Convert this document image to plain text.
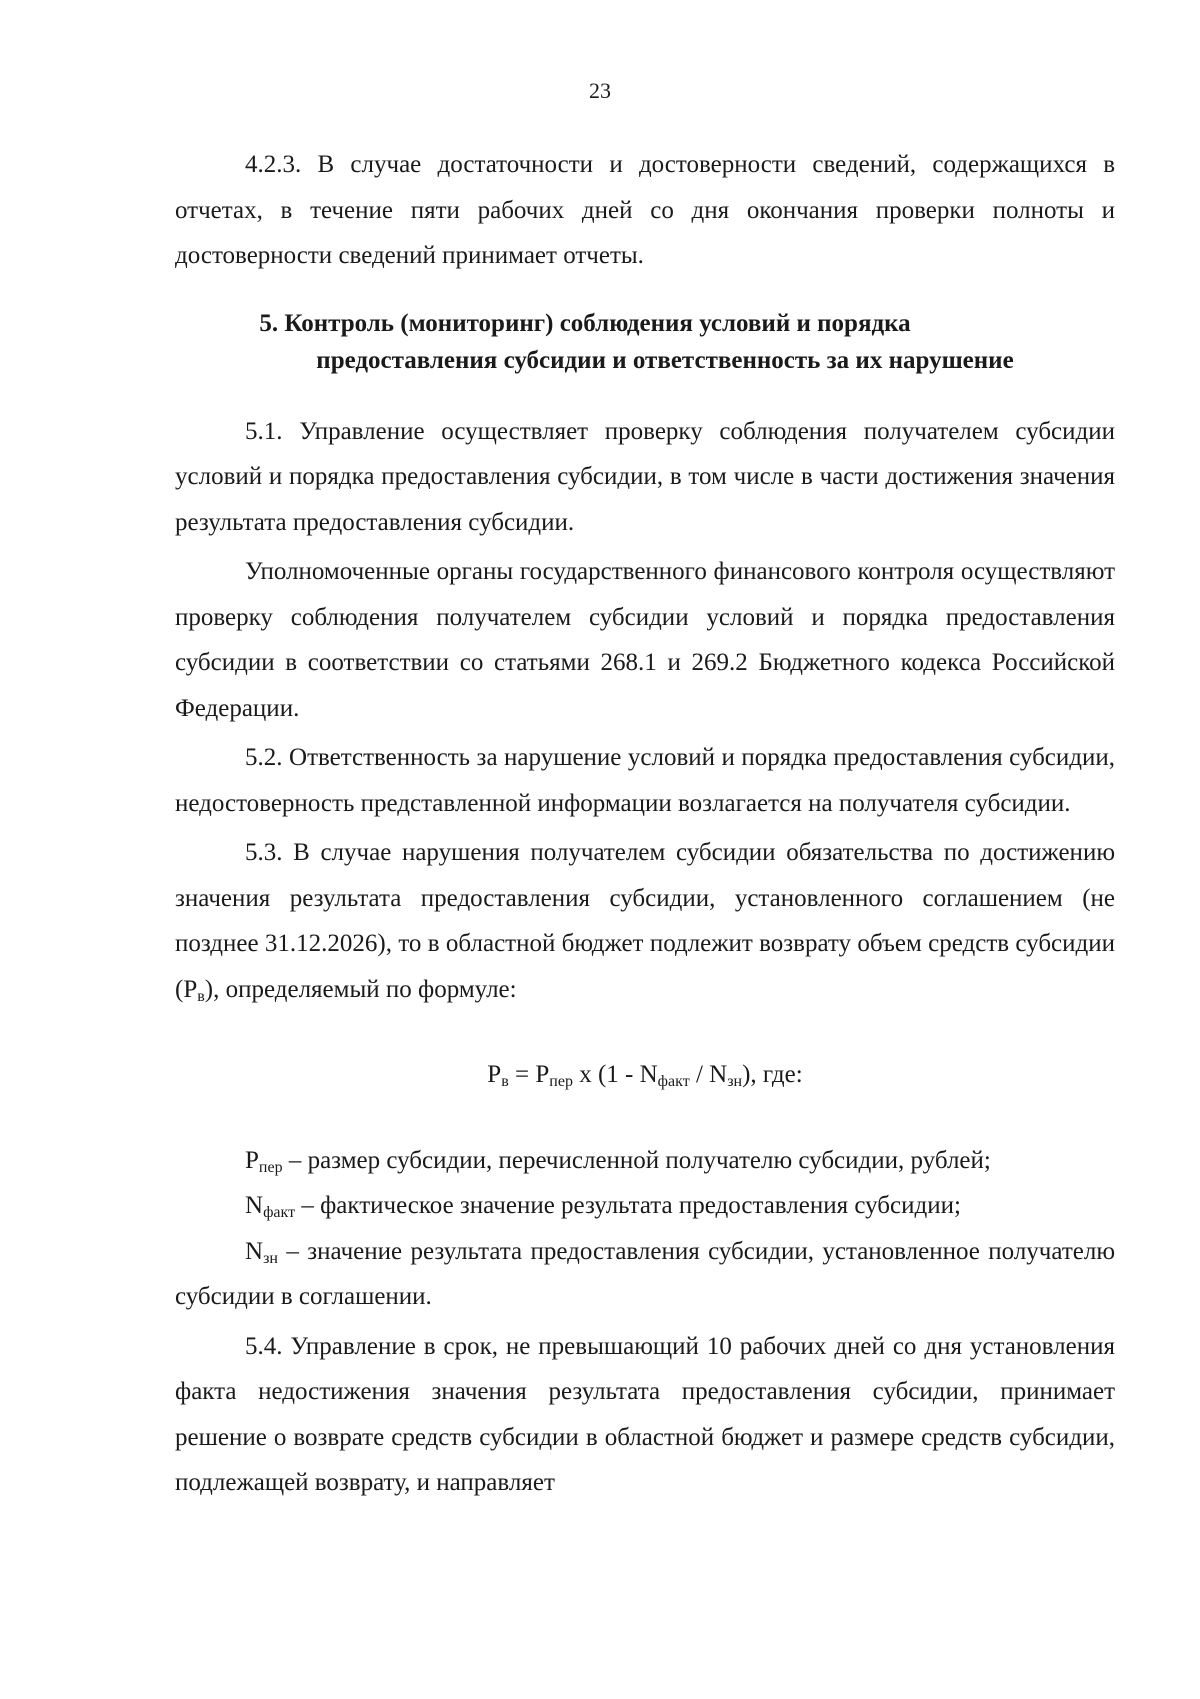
23

4.2.3. В случае достаточности и достоверности сведений, содержащихся в отчетах, в течение пяти рабочих дней со дня окончания проверки полноты и достоверности сведений принимает отчеты.

5. Контроль (мониторинг) соблюдения условий и порядка
предоставления субсидии и ответственность за их нарушение

5.1. Управление осуществляет проверку соблюдения получателем субсидии условий и порядка предоставления субсидии, в том числе в части достижения значения результата предоставления субсидии.

Уполномоченные органы государственного финансового контроля осуществляют проверку соблюдения получателем субсидии условий и порядка предоставления субсидии в соответствии со статьями 268.1 и 269.2 Бюджетного кодекса Российской Федерации.

5.2. Ответственность за нарушение условий и порядка предоставления субсидии, недостоверность представленной информации возлагается на получателя субсидии.

5.3. В случае нарушения получателем субсидии обязательства по достижению значения результата предоставления субсидии, установленного соглашением (не позднее 31.12.2026), то в областной бюджет подлежит возврату объем средств субсидии $(Р_в)$, определяемый по формуле:

$Р_в = Р_{пер}$ х $(1 - N_{факт} / N_{зн})$, где:

$Р_{пер}$ – размер субсидии, перечисленной получателю субсидии, рублей;

$N_{факт}$ – фактическое значение результата предоставления субсидии;

$N_{зн}$ – значение результата предоставления субсидии, установленное получателю субсидии в соглашении.

5.4. Управление в срок, не превышающий 10 рабочих дней со дня установления факта недостижения значения результата предоставления субсидии, принимает решение о возврате средств субсидии в областной бюджет и размере средств субсидии, подлежащей возврату, и направляет
